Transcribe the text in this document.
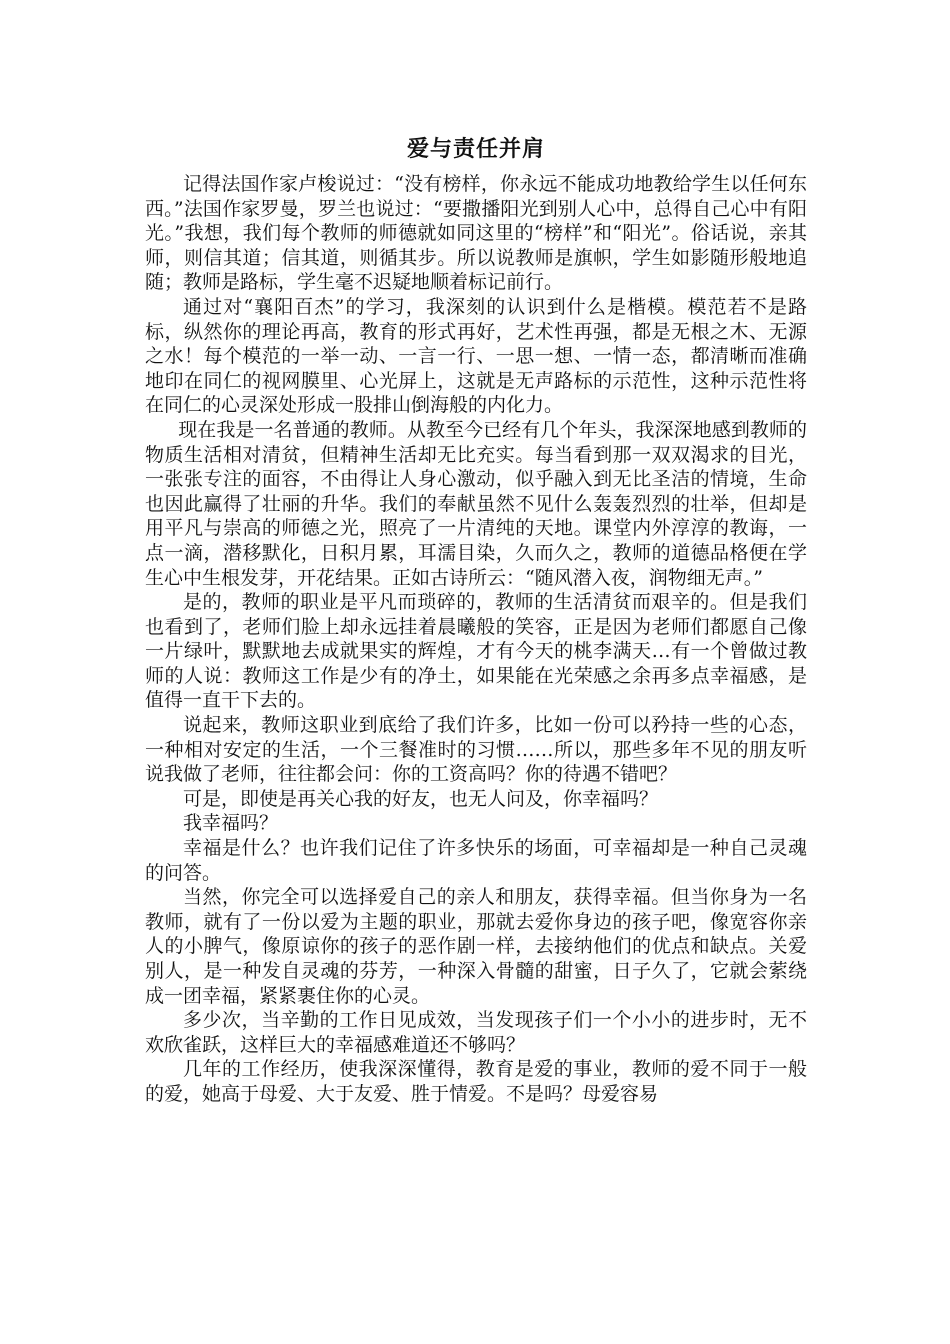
爱与责任并肩

记得法国作家卢梭说过：“没有榜样，你永远不能成功地教给学生以任何东西。”法国作家罗曼，罗兰也说过：“要撒播阳光到别人心中，总得自己心中有阳光。”我想，我们每个教师的师德就如同这里的“榜样”和“阳光”。俗话说，亲其师，则信其道；信其道，则循其步。所以说教师是旗帜，学生如影随形般地追随；教师是路标，学生毫不迟疑地顺着标记前行。

通过对“襄阳百杰”的学习，我深刻的认识到什么是楷模。模范若不是路标，纵然你的理论再高，教育的形式再好，艺术性再强，都是无根之木、无源之水！每个模范的一举一动、一言一行、一思一想、一情一态，都清晰而准确地印在同仁的视网膜里、心光屏上，这就是无声路标的示范性，这种示范性将在同仁的心灵深处形成一股排山倒海般的内化力。

现在我是一名普通的教师。从教至今已经有几个年头，我深深地感到教师的物质生活相对清贫，但精神生活却无比充实。每当看到那一双双渴求的目光，一张张专注的面容，不由得让人身心激动，似乎融入到无比圣洁的情境，生命也因此赢得了壮丽的升华。我们的奉献虽然不见什么轰轰烈烈的壮举，但却是用平凡与崇高的师德之光，照亮了一片清纯的天地。课堂内外淳淳的教诲，一点一滴，潜移默化，日积月累，耳濡目染，久而久之，教师的道德品格便在学生心中生根发芽，开花结果。正如古诗所云：“随风潜入夜，润物细无声。”

是的，教师的职业是平凡而琐碎的，教师的生活清贫而艰辛的。但是我们也看到了，老师们脸上却永远挂着晨曦般的笑容，正是因为老师们都愿自己像一片绿叶，默默地去成就果实的辉煌，才有今天的桃李满天…有一个曾做过教师的人说：教师这工作是少有的净土，如果能在光荣感之余再多点幸福感，是值得一直干下去的。

说起来，教师这职业到底给了我们许多，比如一份可以矜持一些的心态，一种相对安定的生活，一个三餐准时的习惯……所以，那些多年不见的朋友听说我做了老师，往往都会问：你的工资高吗？你的待遇不错吧？

可是，即使是再关心我的好友，也无人问及，你幸福吗？

我幸福吗？

幸福是什么？也许我们记住了许多快乐的场面，可幸福却是一种自己灵魂的问答。

当然，你完全可以选择爱自己的亲人和朋友，获得幸福。但当你身为一名教师，就有了一份以爱为主题的职业，那就去爱你身边的孩子吧，像宽容你亲人的小脾气，像原谅你的孩子的恶作剧一样，去接纳他们的优点和缺点。关爱别人，是一种发自灵魂的芬芳，一种深入骨髓的甜蜜，日子久了，它就会萦绕成一团幸福，紧紧裹住你的心灵。

多少次，当辛勤的工作日见成效，当发现孩子们一个小小的进步时，无不欢欣雀跃，这样巨大的幸福感难道还不够吗？

几年的工作经历，使我深深懂得，教育是爱的事业，教师的爱不同于一般的爱，她高于母爱、大于友爱、胜于情爱。不是吗？母爱容易
